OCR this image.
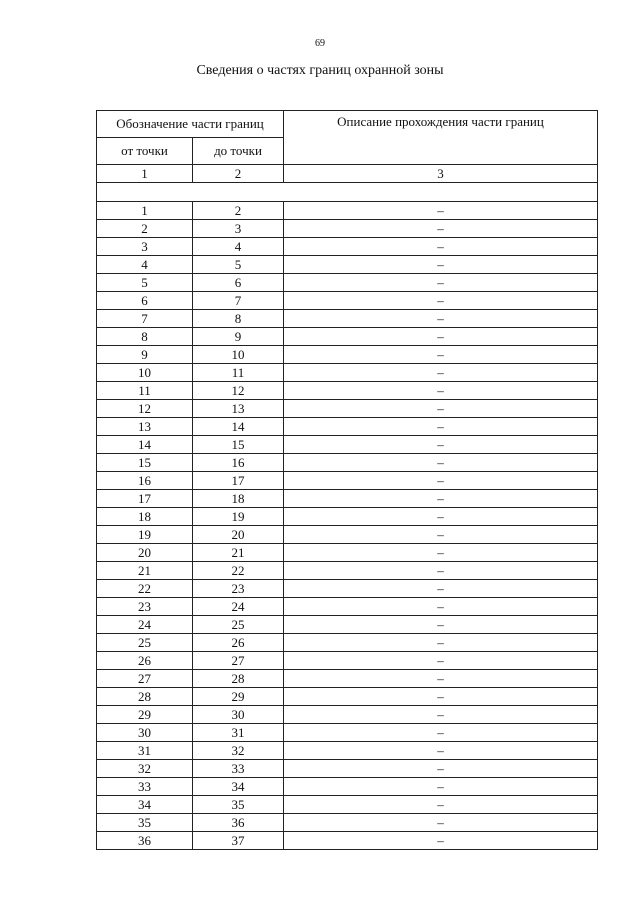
69
Сведения о частях границ охранной зоны
Обозначение части границ		Описание прохождения части границ
от точки	до точки	
1	2	3

1	2	–
2	3	–
3	4	–
4	5	–
5	6	–
6	7	–
7	8	–
8	9	–
9	10	–
10	11	–
11	12	–
12	13	–
13	14	–
14	15	–
15	16	–
16	17	–
17	18	–
18	19	–
19	20	–
20	21	–
21	22	–
22	23	–
23	24	–
24	25	–
25	26	–
26	27	–
27	28	–
28	29	–
29	30	–
30	31	–
31	32	–
32	33	–
33	34	–
34	35	–
35	36	–
36	37	–
